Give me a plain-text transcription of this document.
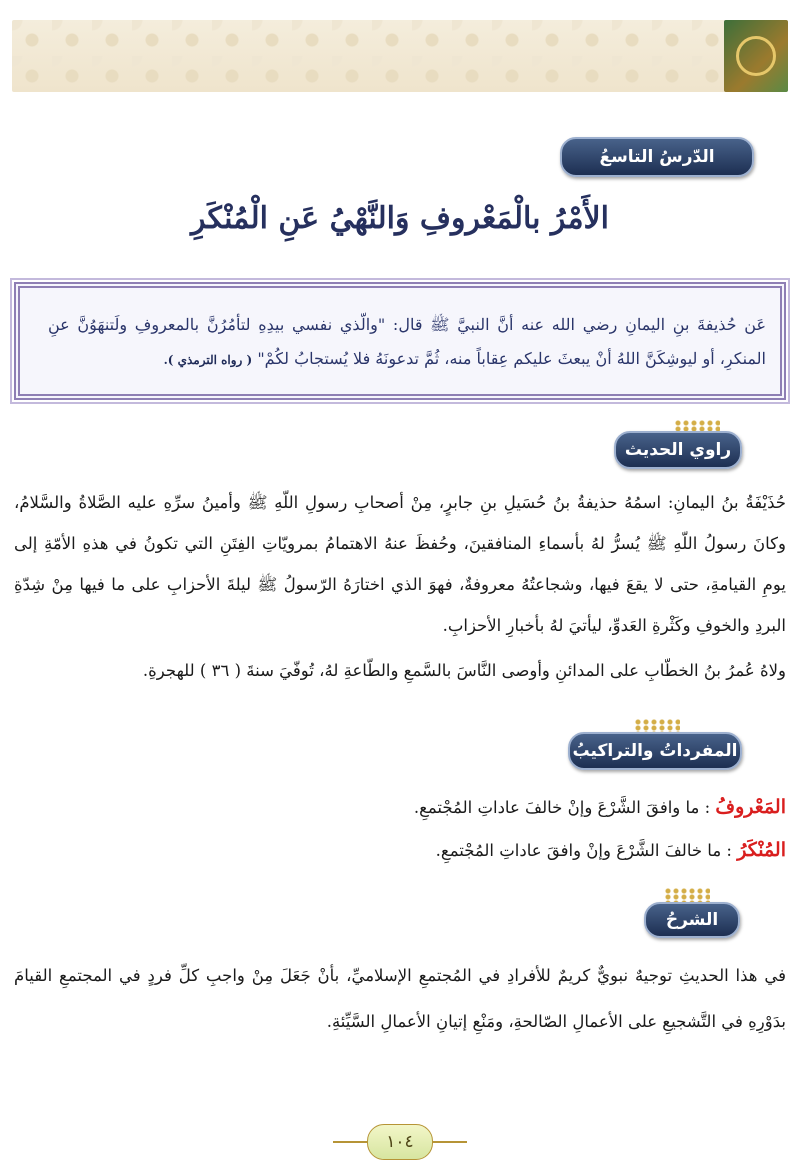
الدّرسُ التاسعُ والعِشرونَ
الأَمْرُ بالْمَعْروفِ وَالنَّهْيُ عَنِ الْمُنْكَرِ
عَن حُذيفةَ بنِ اليمانِ رضي الله عنه أنَّ النبيَّ ﷺ قال: "والّذي نفسي بيدِهِ لتأمُرُنَّ بالمعروفِ ولَتنهَوُنَّ عنِ المنكرِ، أو ليوشِكَنَّ اللهُ أنْ يبعثَ عليكم عِقاباً منه، ثُمَّ تدعونَهُ فلا يُستجابُ لكُمْ" ( رواه الترمذي ).
راوي الحديث
حُذَيْفَةُ بنُ اليمانِ: اسمُهُ حذيفةُ بنُ حُسَيلِ بنِ جابرٍ، مِنْ أصحابِ رسولِ اللّهِ ﷺ وأمينُ سرِّهِ عليه الصَّلاةُ والسَّلامُ، وكانَ رسولُ اللّهِ ﷺ يُسرُّ لهُ بأسماءِ المنافقينَ، وحُفظَ عنهُ الاهتمامُ بمرويّاتِ الفِتَنِ التي تكونُ في هذهِ الأمّةِ إلى يومِ القيامةِ، حتى لا يقعَ فيها، وشجاعتُهُ معروفةٌ، فهوَ الذي اختارَهُ الرّسولُ ﷺ ليلةَ الأحزابِ على ما فيها مِنْ شِدّةِ البردِ والخوفِ وكَثْرةِ العَدوِّ، ليأتيَ لهُ بأخبارِ الأحزابِ.
ولاهُ عُمرُ بنُ الخطّابِ على المدائنِ وأوصى النَّاسَ بالسَّمعِ والطّاعةِ لهُ، تُوفّيَ سنةَ ( ٣٦ ) للهجرةِ.
المفرداتُ والتراكيبُ
المَعْروفُ : ما وافقَ الشَّرْعَ وإنْ خالفَ عاداتِ المُجْتمعِ.
المُنْكَرُ : ما خالفَ الشَّرْعَ وإنْ وافقَ عاداتِ المُجْتمعِ.
الشرحُ
في هذا الحديثِ توجيهٌ نبويٌّ كريمٌ للأفرادِ في المُجتمعِ الإسلاميِّ، بأنْ جَعَلَ مِنْ واجبِ كلِّ فردٍ في المجتمعِ القيامَ بدَوْرِهِ في التَّشجيعِ على الأعمالِ الصّالحةِ، ومَنْعِ إتيانِ الأعمالِ السَّيِّئةِ.
١٠٤
